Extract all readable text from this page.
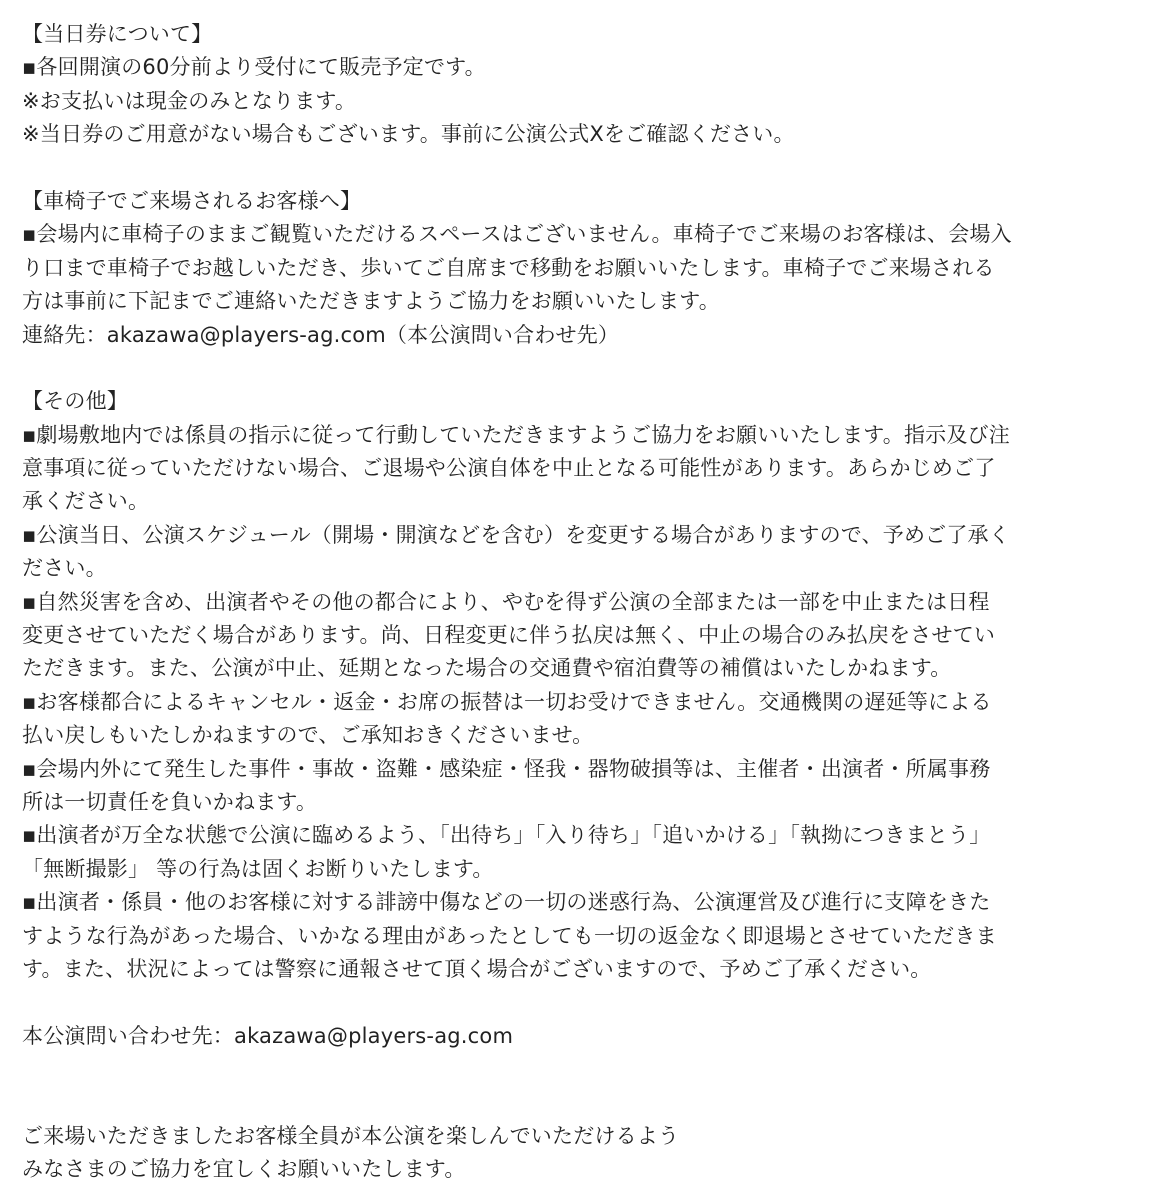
【当日券について】
▪︎各回開演の60分前より受付にて販売予定です。
※お支払いは現金のみとなります。
※当日券のご用意がない場合もございます。事前に公演公式Xをご確認ください。
【車椅子でご来場されるお客様へ】
▪︎会場内に車椅子のままご観覧いただけるスペースはございません。車椅子でご来場のお客様は、会場入
り口まで車椅子でお越しいただき、歩いてご自席まで移動をお願いいたします。車椅子でご来場される
方は事前に下記までご連絡いただきますようご協力をお願いいたします。
連絡先：akazawa@players-ag.com（本公演問い合わせ先）
【その他】
▪︎劇場敷地内では係員の指示に従って行動していただきますようご協力をお願いいたします。指示及び注
意事項に従っていただけない場合、ご退場や公演自体を中止となる可能性があります。あらかじめご了
承ください。
▪︎公演当日、公演スケジュール（開場・開演などを含む）を変更する場合がありますので、予めご了承く
ださい。
▪︎自然災害を含め、出演者やその他の都合により、やむを得ず公演の全部または一部を中止または日程
変更させていただく場合があります。尚、日程変更に伴う払戻は無く、中止の場合のみ払戻をさせてい
ただきます。また、公演が中止、延期となった場合の交通費や宿泊費等の補償はいたしかねます。
▪︎お客様都合によるキャンセル・返金・お席の振替は一切お受けできません。交通機関の遅延等による
払い戻しもいたしかねますので、ご承知おきくださいませ。
▪︎会場内外にて発生した事件・事故・盗難・感染症・怪我・器物破損等は、主催者・出演者・所属事務
所は一切責任を負いかねます。
▪︎出演者が万全な状態で公演に臨めるよう、「出待ち」「入り待ち」「追いかける」「執拗につきまとう」
「無断撮影」 等の行為は固くお断りいたします。
▪︎出演者・係員・他のお客様に対する誹謗中傷などの一切の迷惑行為、公演運営及び進行に支障をきた
すような行為があった場合、いかなる理由があったとしても一切の返金なく即退場とさせていただきま
す。また、状況によっては警察に通報させて頂く場合がございますので、予めご了承ください。
本公演問い合わせ先：akazawa@players-ag.com
ご来場いただきましたお客様全員が本公演を楽しんでいただけるよう
みなさまのご協力を宜しくお願いいたします。
